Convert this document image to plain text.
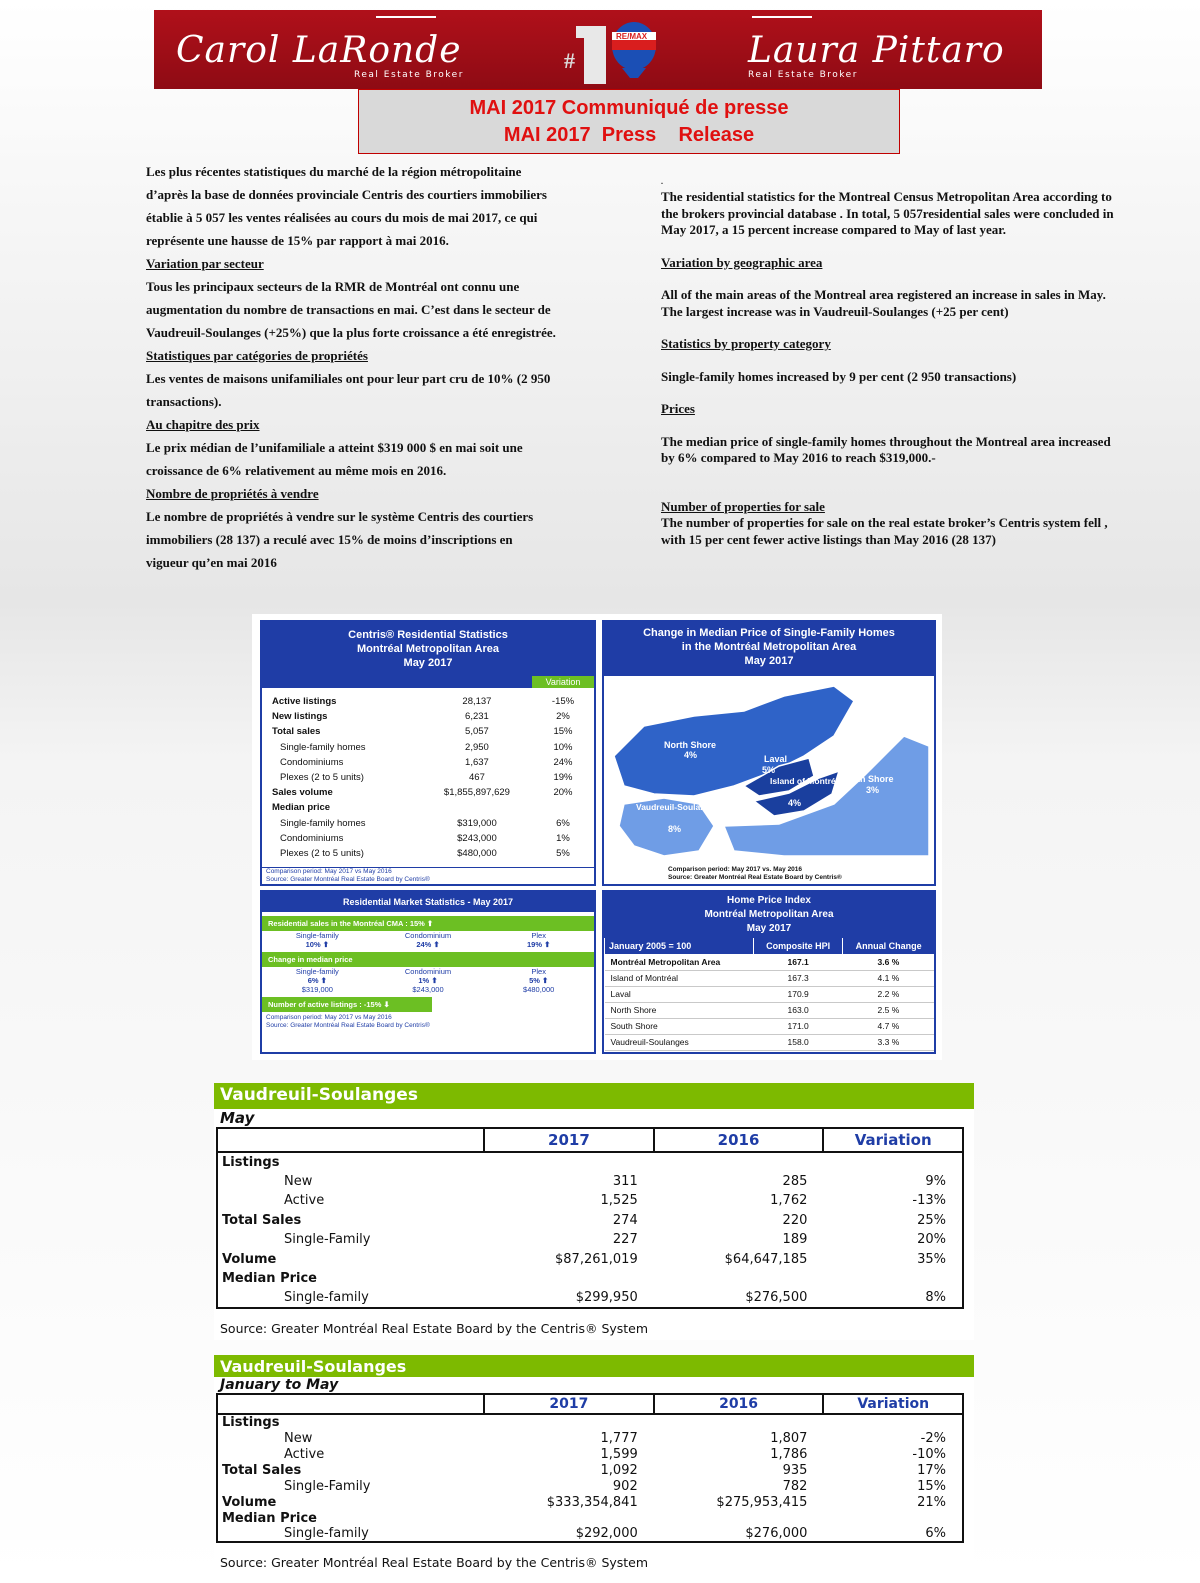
Carol LaRonde
Real Estate Broker
#
RE/MAX	Laura Pittaro
Real Estate Broker
MAI 2017 Communiqué de presse
MAI 2017  Press    Release
Les plus récentes statistiques du marché de la région métropolitaine d’après la base de données provinciale Centris des courtiers immobiliers établie à 5 057 les ventes réalisées au cours du mois de mai 2017, ce qui représente une hausse de 15% par rapport à mai 2016.
Variation par secteur
Tous les principaux secteurs de la RMR de Montréal ont connu une augmentation du nombre de transactions en mai. C’est dans le secteur de Vaudreuil-Soulanges (+25%) que la plus forte croissance a été enregistrée.
Statistiques par catégories de propriétés
Les ventes de maisons unifamiliales ont pour leur part cru de 10% (2 950 transactions).
Au chapitre des prix
Le prix médian de l’unifamiliale a atteint $319 000 $ en mai soit une croissance de 6% relativement au même mois en 2016.
Nombre de propriétés à vendre
Le nombre de propriétés à vendre sur le système Centris des courtiers immobiliers (28 137) a reculé avec 15% de moins d’inscriptions en vigueur qu’en mai 2016
.
The residential statistics for the Montreal Census Metropolitan Area according to the brokers provincial database . In total, 5 057residential sales were concluded in May 2017, a 15 percent increase compared to May of last year.
Variation by geographic area
All of the main areas of the Montreal area registered an increase in sales in May. The largest increase was in Vaudreuil-Soulanges (+25 per cent)
Statistics by property category
Single-family homes increased by 9 per cent (2 950 transactions)
Prices
The median price of single-family homes throughout the Montreal area increased by 6% compared to May 2016 to reach $319,000.-
Number of properties for sale
The number of properties for sale on the real estate broker’s Centris system fell , with 15 per cent fewer active listings than May 2016 (28 137)
Centris® Residential Statistics
Montréal Metropolitan Area
May 2017
Variation
Active listings	28,137	-15%
New listings	6,231	2%
Total sales	5,057	15%
Single-family homes	2,950	10%
Condominiums	1,637	24%
Plexes (2 to 5 units)	467	19%
Sales volume	$1,855,897,629	20%
Median price		
Single-family homes	$319,000	6%
Condominiums	$243,000	1%
Plexes (2 to 5 units)	$480,000	5%
Comparison period: May 2017 vs May 2016
Source: Greater Montréal Real Estate Board by Centris®
Change in Median Price of Single-Family Homes
in the Montréal Metropolitan Area
May 2017
North Shore
4%	Laval
5%
Island of Montréal
4%
South Shore
3%
Vaudreuil-Soulanges
8%
Comparison period: May 2017 vs. May 2016
Source: Greater Montréal Real Estate Board by Centris®
Residential Market Statistics - May 2017
Residential sales in the Montréal CMA : 15% ⬆
Single-family	Condominium	Plex
10% ⬆	24% ⬆	19% ⬆
Change in median price
Single-family	Condominium	Plex
6% ⬆	1% ⬆	5% ⬆
$319,000	$243,000	$480,000
Number of active listings : -15% ⬇
Comparison period: May 2017 vs May 2016
Source: Greater Montréal Real Estate Board by Centris®
Home Price Index
Montréal Metropolitan Area
May 2017
January 2005 = 100	Composite HPI	Annual Change
Montréal Metropolitan Area	167.1	3.6 %
Island of Montréal	167.3	4.1 %
Laval	170.9	2.2 %
North Shore	163.0	2.5 %
South Shore	171.0	4.7 %
Vaudreuil-Soulanges	158.0	3.3 %
Vaudreuil-Soulanges
May
	2017	2016	Variation
Listings			
New	311	285	9%
Active	1,525	1,762	-13%
Total Sales	274	220	25%
Single-Family	227	189	20%
Volume	$87,261,019	$64,647,185	35%
Median Price			
Single-family	$299,950	$276,500	8%
Source: Greater Montréal Real Estate Board by the Centris® System
Vaudreuil-Soulanges
January to May
	2017	2016	Variation
Listings			
New	1,777	1,807	-2%
Active	1,599	1,786	-10%
Total Sales	1,092	935	17%
Single-Family	902	782	15%
Volume	$333,354,841	$275,953,415	21%
Median Price			
Single-family	$292,000	$276,000	6%
Source: Greater Montréal Real Estate Board by the Centris® System
